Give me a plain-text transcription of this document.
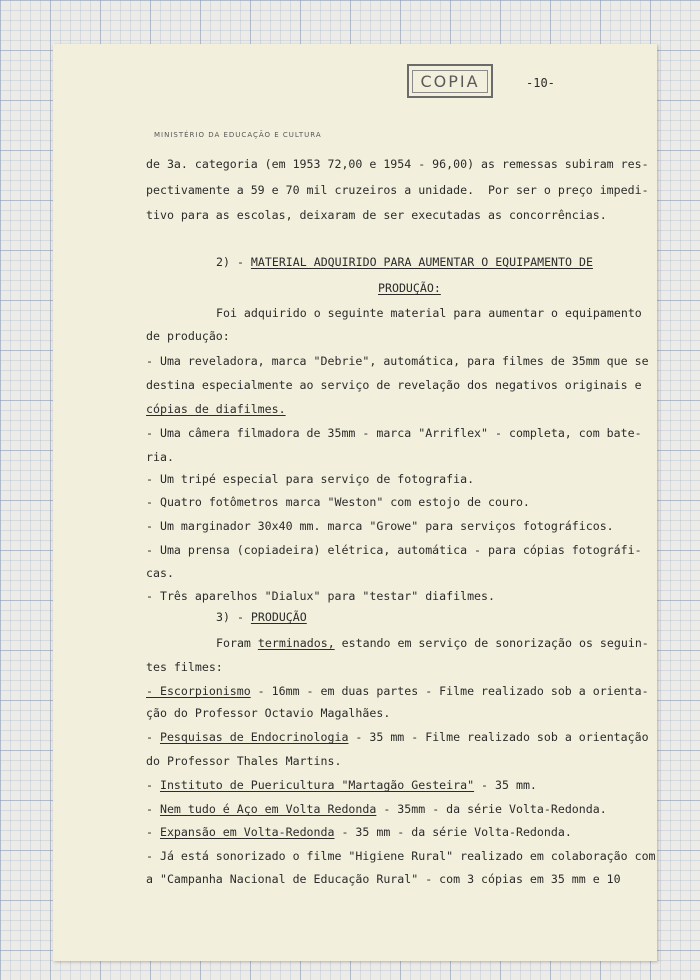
COPIA	-10-
MINISTÉRIO DA EDUCAÇÃO E CULTURA

de 3a. categoria (em 1953 72,00 e 1954 - 96,00) as remessas subiram res-

pectivamente a 59 e 70 mil cruzeiros a unidade.  Por ser o preço impedi-

tivo para as escolas, deixaram de ser executadas as concorrências.

2) - MATERIAL ADQUIRIDO PARA AUMENTAR O EQUIPAMENTO DE

PRODUÇÃO:

Foi adquirido o seguinte material para aumentar o equipamento

de produção:

- Uma reveladora, marca "Debrie", automática, para filmes de 35mm que se

destina especialmente ao serviço de revelação dos negativos originais e

cópias de diafilmes.

- Uma câmera filmadora de 35mm - marca "Arriflex" - completa, com bate-

ria.

- Um tripé especial para serviço de fotografia.

- Quatro fotômetros marca "Weston" com estojo de couro.

- Um marginador 30x40 mm. marca "Growe" para serviços fotográficos.

- Uma prensa (copiadeira) elétrica, automática - para cópias fotográfi-

cas.

- Três aparelhos "Dialux" para "testar" diafilmes.

3) - PRODUÇÃO

Foram terminados, estando em serviço de sonorização os seguin-

tes filmes:

- Escorpionismo - 16mm - em duas partes - Filme realizado sob a orienta-

ção do Professor Octavio Magalhães.

- Pesquisas de Endocrinologia - 35 mm - Filme realizado sob a orientação

do Professor Thales Martins.

- Instituto de Puericultura "Martagão Gesteira" - 35 mm.

- Nem tudo é Aço em Volta Redonda - 35mm - da série Volta-Redonda.

- Expansão em Volta-Redonda - 35 mm - da série Volta-Redonda.

- Já está sonorizado o filme "Higiene Rural" realizado em colaboração com

a "Campanha Nacional de Educação Rural" - com 3 cópias em 35 mm e 10
